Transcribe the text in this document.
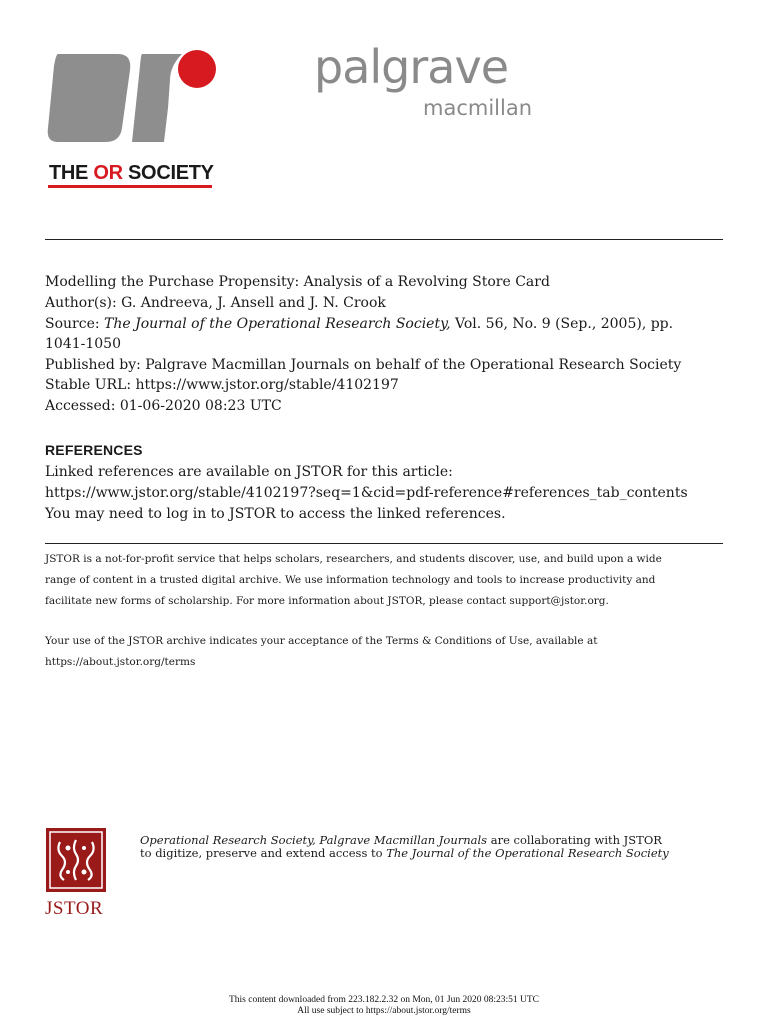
THE OR SOCIETY
palgrave
macmillan
Modelling the Purchase Propensity: Analysis of a Revolving Store Card
Author(s): G. Andreeva, J. Ansell and J. N. Crook
Source: The Journal of the Operational Research Society, Vol. 56, No. 9 (Sep., 2005), pp.
1041-1050
Published by: Palgrave Macmillan Journals on behalf of the Operational Research Society
Stable URL: https://www.jstor.org/stable/4102197
Accessed: 01-06-2020 08:23 UTC
REFERENCES
Linked references are available on JSTOR for this article:
https://www.jstor.org/stable/4102197?seq=1&cid=pdf-reference#references_tab_contents
You may need to log in to JSTOR to access the linked references.
JSTOR is a not-for-profit service that helps scholars, researchers, and students discover, use, and build upon a wide
range of content in a trusted digital archive. We use information technology and tools to increase productivity and
facilitate new forms of scholarship. For more information about JSTOR, please contact support@jstor.org.
Your use of the JSTOR archive indicates your acceptance of the Terms & Conditions of Use, available at
https://about.jstor.org/terms
JSTOR
Operational Research Society, Palgrave Macmillan Journals are collaborating with JSTOR
to digitize, preserve and extend access to The Journal of the Operational Research Society
This content downloaded from 223.182.2.32 on Mon, 01 Jun 2020 08:23:51 UTC
All use subject to https://about.jstor.org/terms
